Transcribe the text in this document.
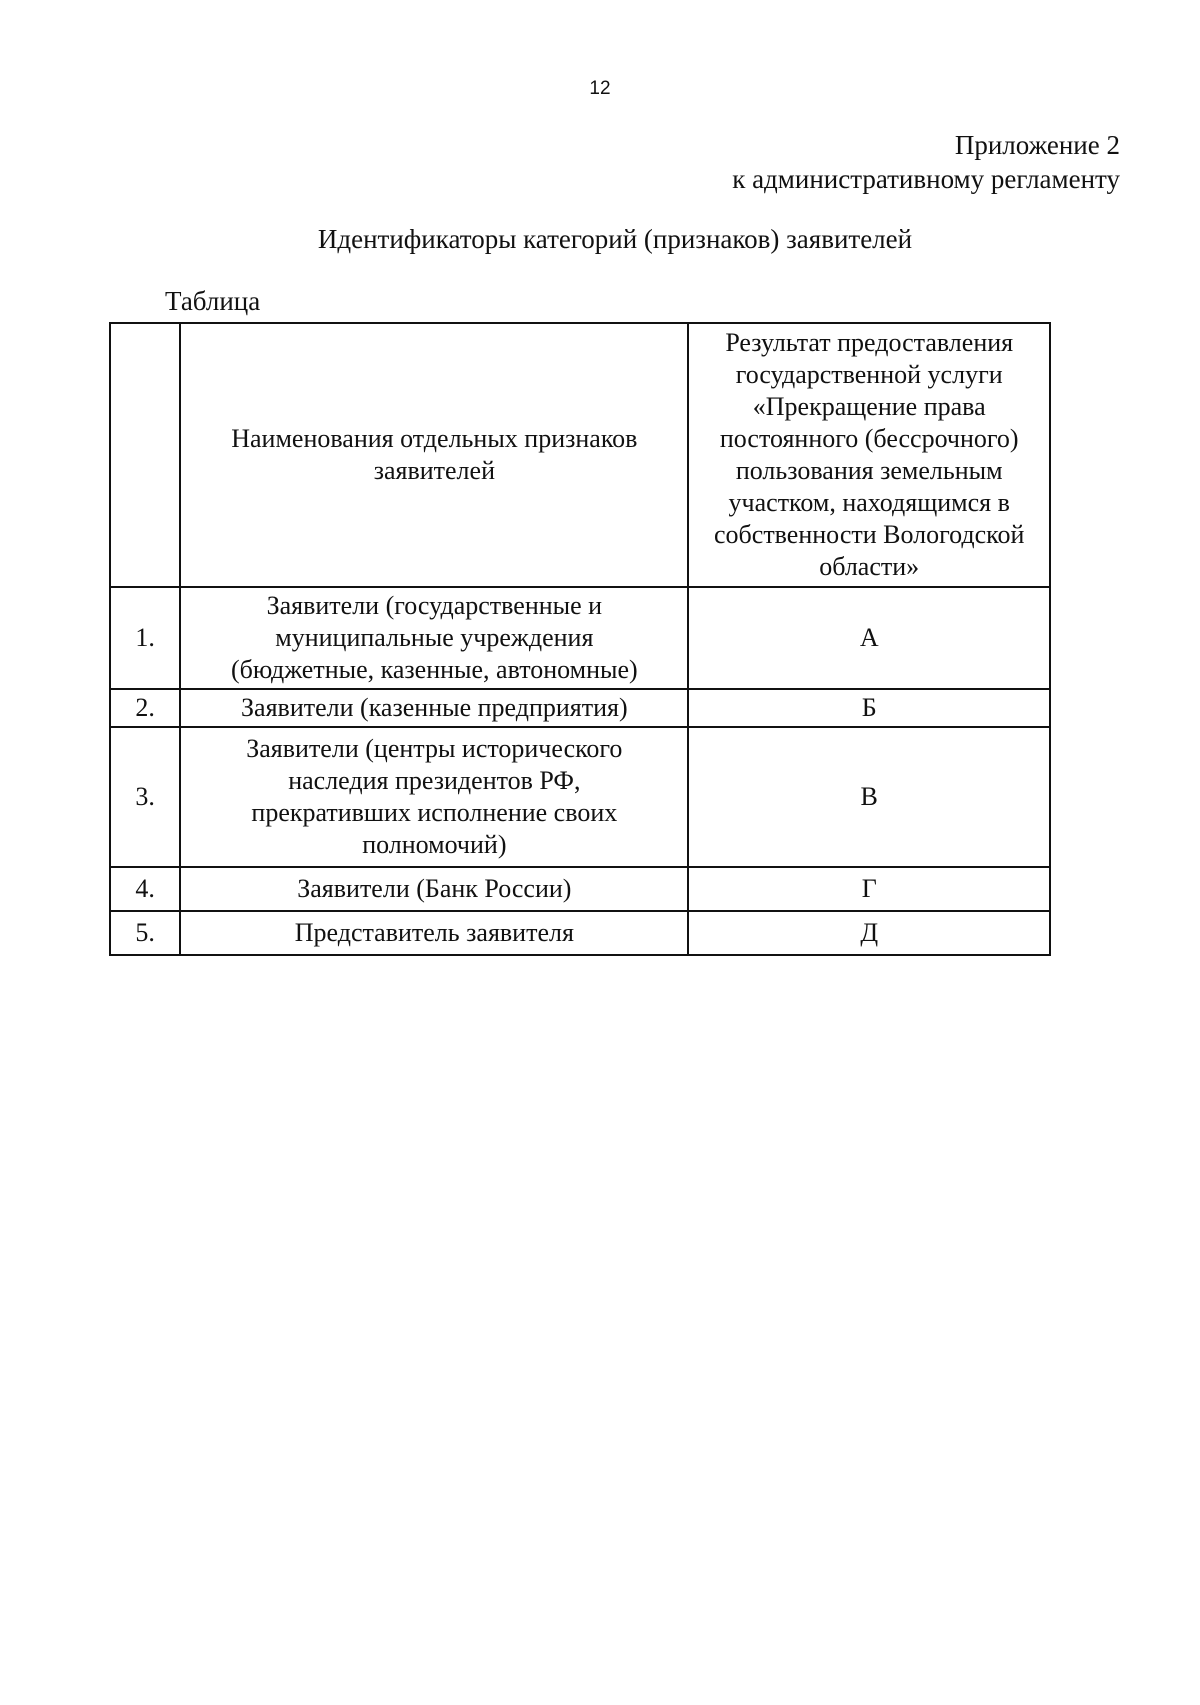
12
Приложение 2
к административному регламенту
Идентификаторы категорий (признаков) заявителей
Таблица
	Наименования отдельных признаков заявителей	Результат предоставления государственной услуги «Прекращение права постоянного (бессрочного) пользования земельным участком, находящимся в собственности Вологодской области»
1.	Заявители (государственные и муниципальные учреждения (бюджетные, казенные, автономные)	А
2.	Заявители (казенные предприятия)	Б
3.	Заявители (центры исторического наследия президентов РФ, прекративших исполнение своих полномочий)	В
4.	Заявители (Банк России)	Г
5.	Представитель заявителя	Д
